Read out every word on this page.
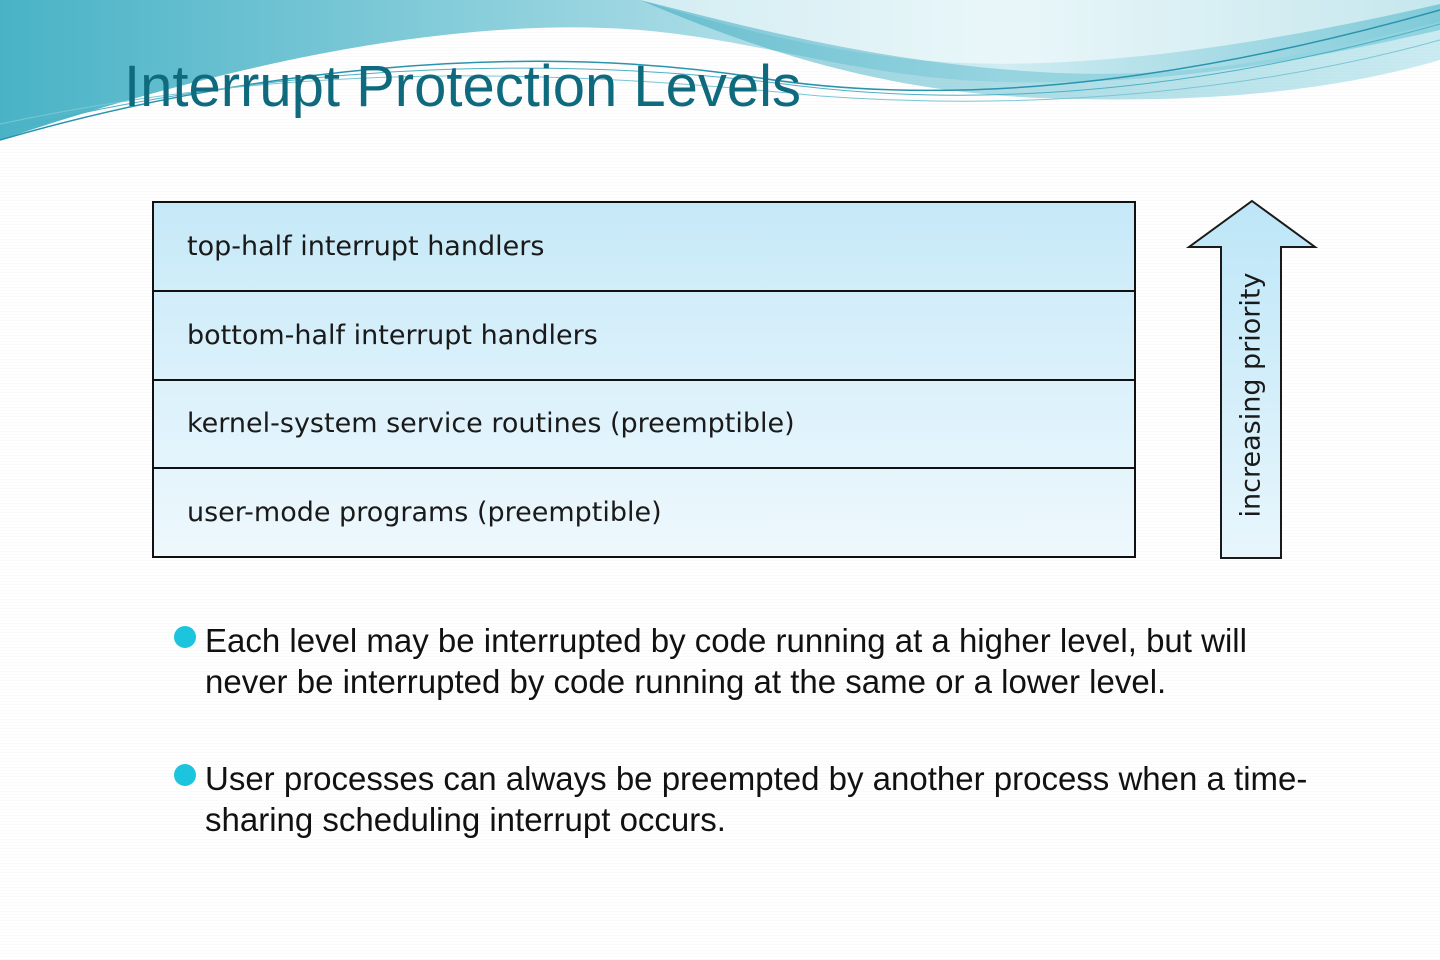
Interrupt Protection Levels
top-half interrupt handlers
bottom-half interrupt handlers
kernel-system service routines (preemptible)
user-mode programs (preemptible)	increasing priority
Each level may be interrupted by code running at a higher level, but will never be interrupted by code running at the same or a lower level.
User processes can always be preempted by another process when a time-sharing scheduling interrupt occurs.
